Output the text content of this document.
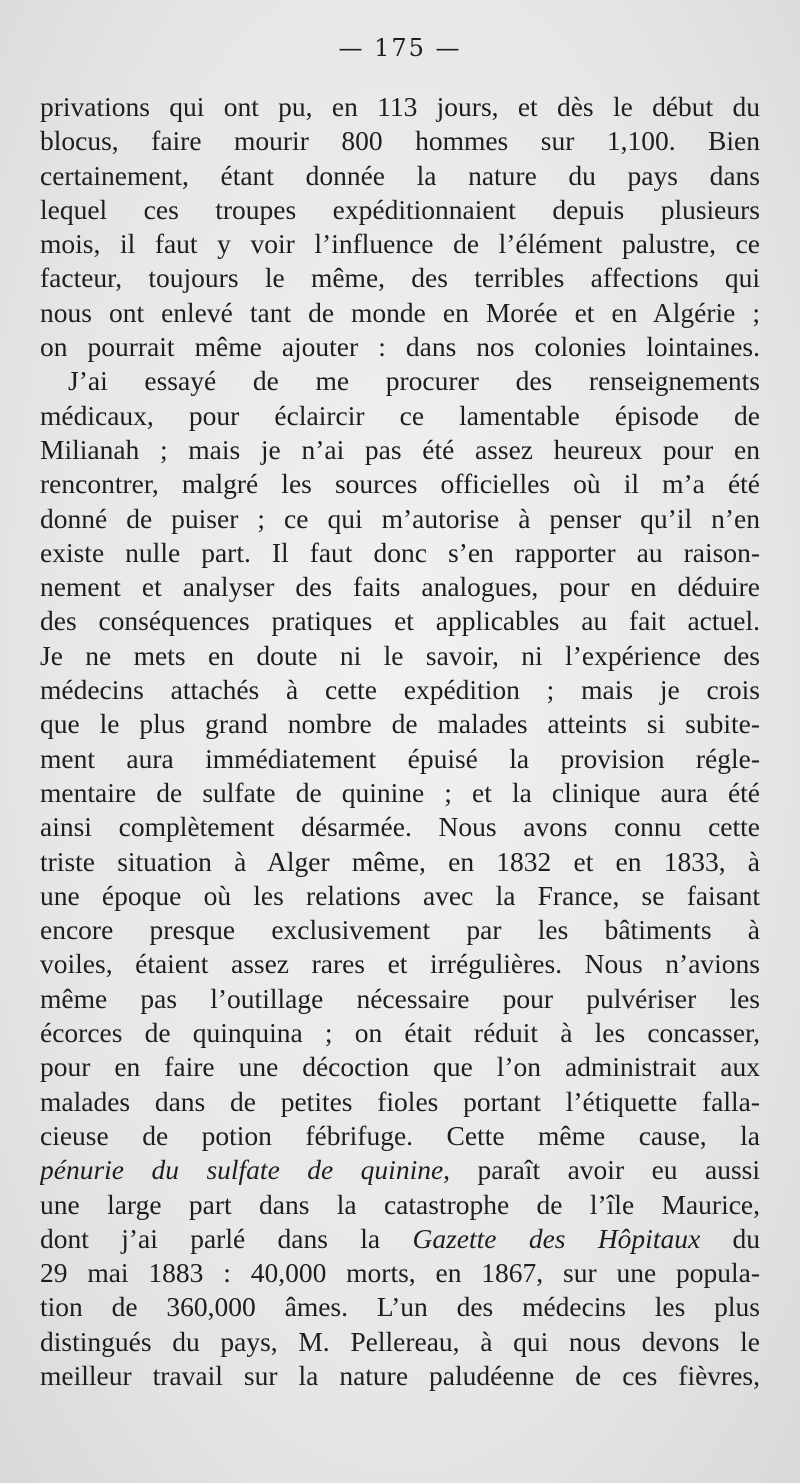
— 175 —
privations qui ont pu, en 113 jours, et dès le début du
blocus, faire mourir 800 hommes sur 1,100. Bien
certainement, étant donnée la nature du pays dans
lequel ces troupes expéditionnaient depuis plusieurs
mois, il faut y voir l’influence de l’élément palustre, ce
facteur, toujours le même, des terribles affections qui
nous ont enlevé tant de monde en Morée et en Algérie ;
on pourrait même ajouter : dans nos colonies lointaines.
J’ai essayé de me procurer des renseignements
médicaux, pour éclaircir ce lamentable épisode de
Milianah ; mais je n’ai pas été assez heureux pour en
rencontrer, malgré les sources officielles où il m’a été
donné de puiser ; ce qui m’autorise à penser qu’il n’en
existe nulle part. Il faut donc s’en rapporter au raison-
nement et analyser des faits analogues, pour en déduire
des conséquences pratiques et applicables au fait actuel.
Je ne mets en doute ni le savoir, ni l’expérience des
médecins attachés à cette expédition ; mais je crois
que le plus grand nombre de malades atteints si subite-
ment aura immédiatement épuisé la provision régle-
mentaire de sulfate de quinine ; et la clinique aura été
ainsi complètement désarmée. Nous avons connu cette
triste situation à Alger même, en 1832 et en 1833, à
une époque où les relations avec la France, se faisant
encore presque exclusivement par les bâtiments à
voiles, étaient assez rares et irrégulières. Nous n’avions
même pas l’outillage nécessaire pour pulvériser les
écorces de quinquina ; on était réduit à les concasser,
pour en faire une décoction que l’on administrait aux
malades dans de petites fioles portant l’étiquette falla-
cieuse de potion fébrifuge. Cette même cause, la
pénurie du sulfate de quinine, paraît avoir eu aussi
une large part dans la catastrophe de l’île Maurice,
dont j’ai parlé dans la Gazette des Hôpitaux du
29 mai 1883 : 40,000 morts, en 1867, sur une popula-
tion de 360,000 âmes. L’un des médecins les plus
distingués du pays, M. Pellereau, à qui nous devons le
meilleur travail sur la nature paludéenne de ces fièvres,
